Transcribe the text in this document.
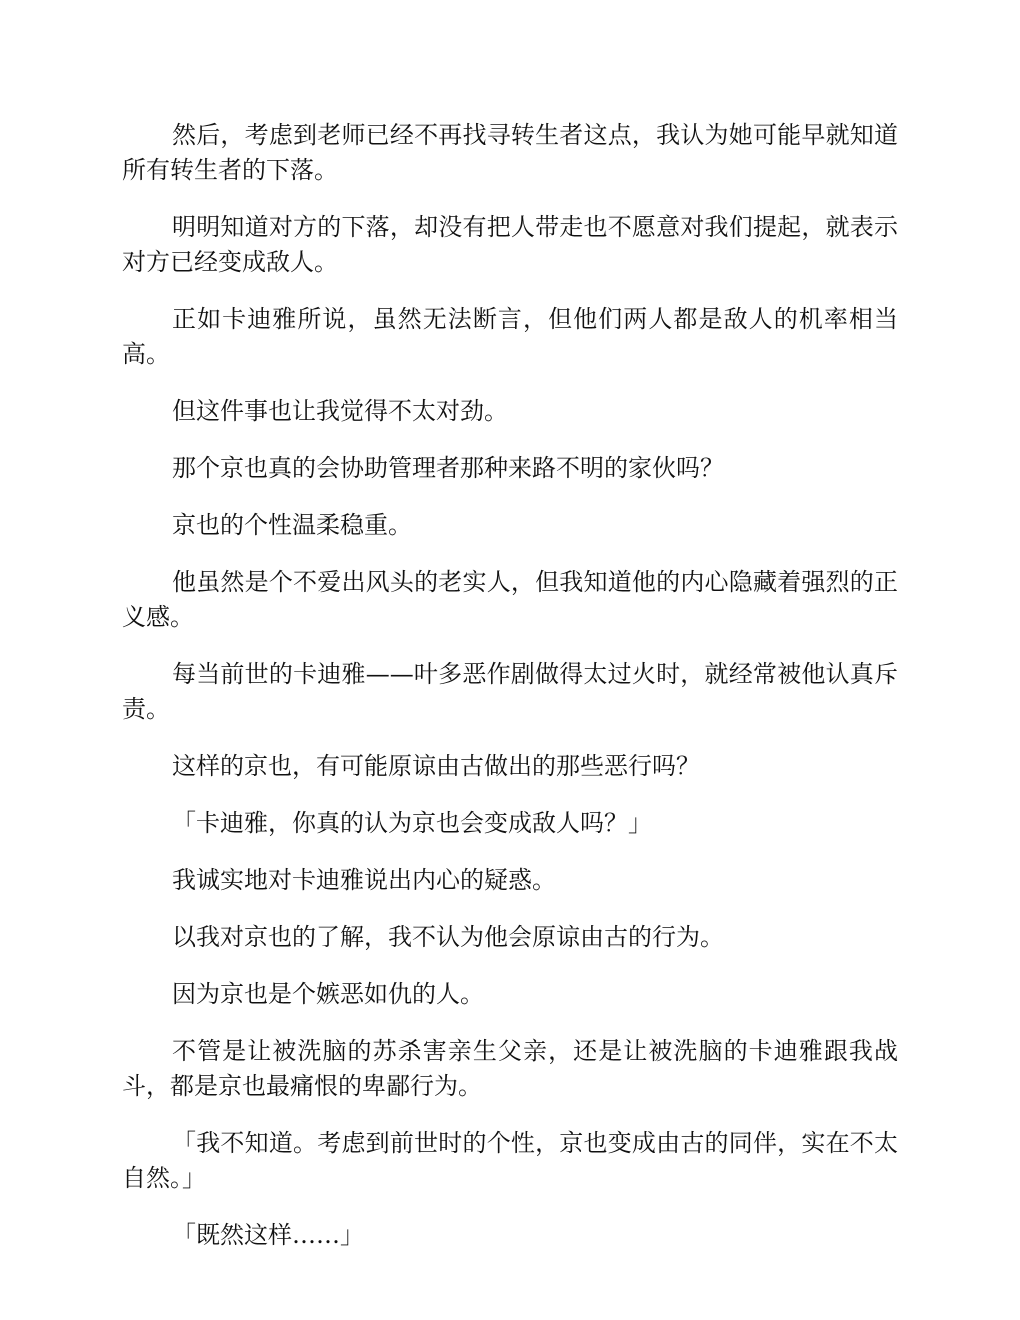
然后，考虑到老师已经不再找寻转生者这点，我认为她可能早就知道所有转生者的下落。

明明知道对方的下落，却没有把人带走也不愿意对我们提起，就表示对方已经变成敌人。

正如卡迪雅所说，虽然无法断言，但他们两人都是敌人的机率相当高。

但这件事也让我觉得不太对劲。

那个京也真的会协助管理者那种来路不明的家伙吗？

京也的个性温柔稳重。

他虽然是个不爱出风头的老实人，但我知道他的内心隐藏着强烈的正义感。

每当前世的卡迪雅——叶多恶作剧做得太过火时，就经常被他认真斥责。

这样的京也，有可能原谅由古做出的那些恶行吗？

「卡迪雅，你真的认为京也会变成敌人吗？」

我诚实地对卡迪雅说出内心的疑惑。

以我对京也的了解，我不认为他会原谅由古的行为。

因为京也是个嫉恶如仇的人。

不管是让被洗脑的苏杀害亲生父亲，还是让被洗脑的卡迪雅跟我战斗，都是京也最痛恨的卑鄙行为。

「我不知道。考虑到前世时的个性，京也变成由古的同伴，实在不太自然。」

「既然这样……」
